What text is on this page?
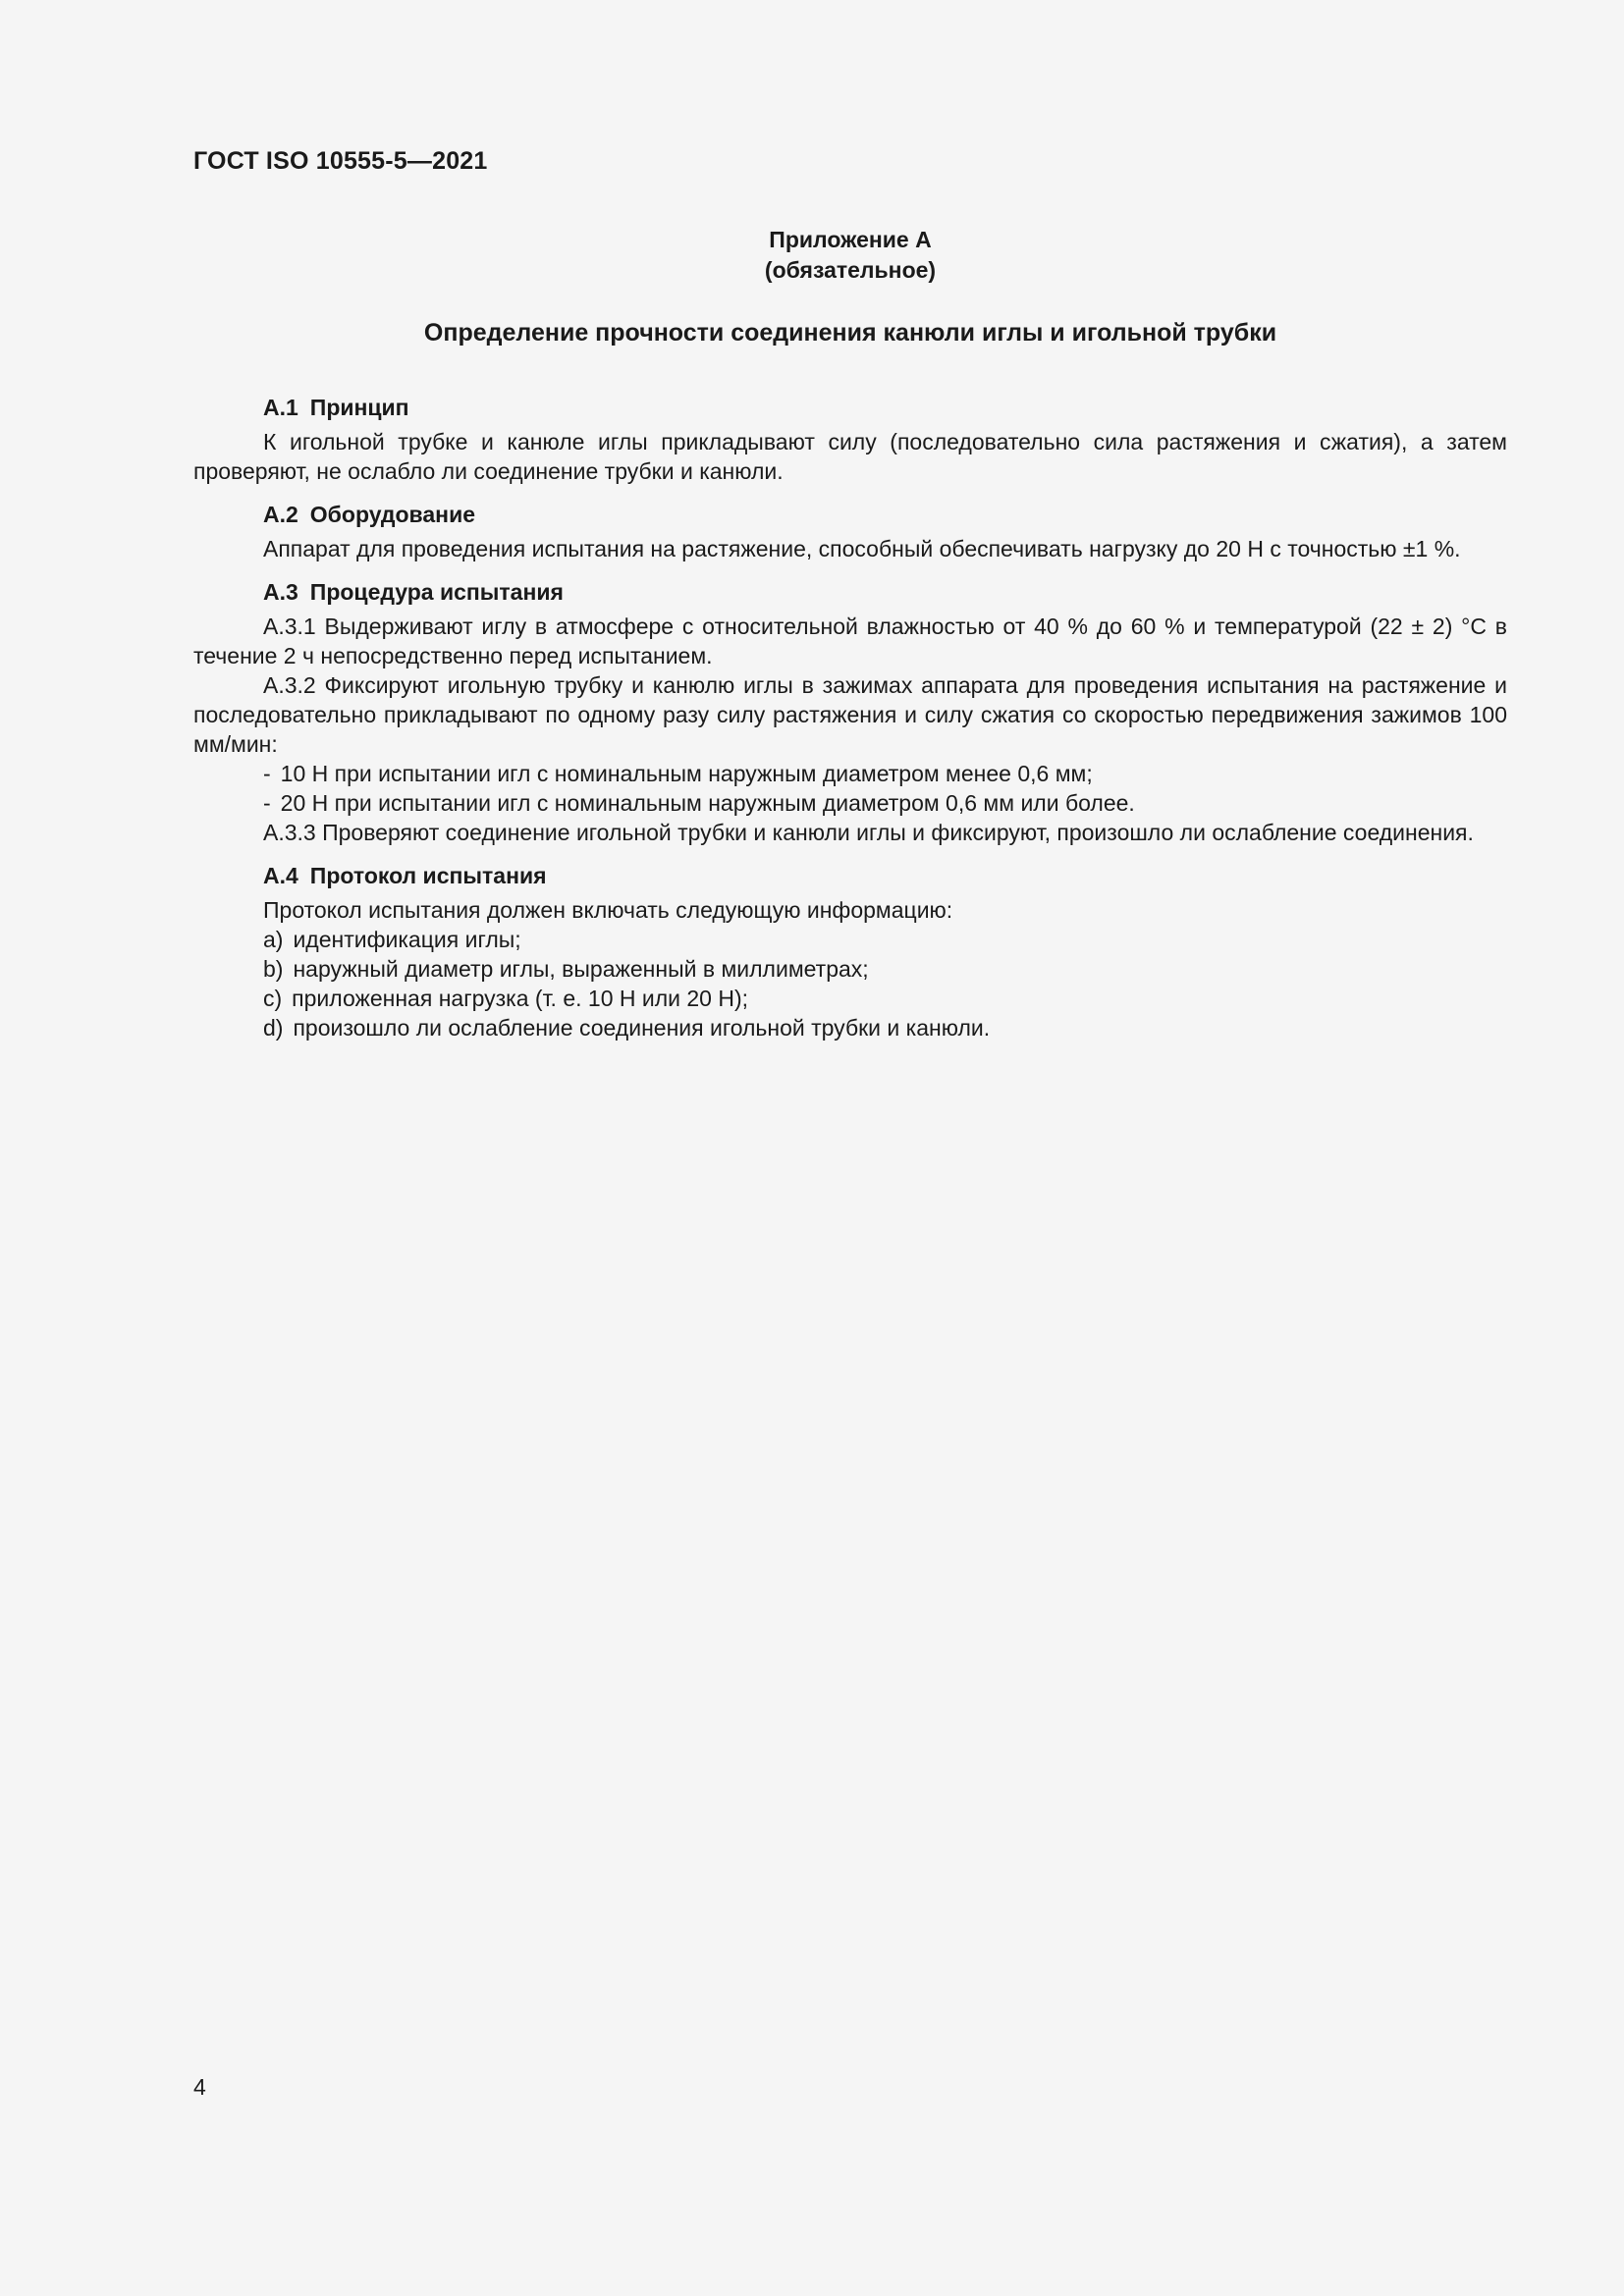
ГОСТ ISO 10555-5—2021
Приложение А
(обязательное)
Определение прочности соединения канюли иглы и игольной трубки

А.1 Принцип

К игольной трубке и канюле иглы прикладывают силу (последовательно сила растяжения и сжатия), а затем проверяют, не ослабло ли соединение трубки и канюли.

А.2 Оборудование

Аппарат для проведения испытания на растяжение, способный обеспечивать нагрузку до 20 Н с точностью ±1 %.

А.3 Процедура испытания

А.3.1 Выдерживают иглу в атмосфере с относительной влажностью от 40 % до 60 % и температурой (22 ± 2) °С в течение 2 ч непосредственно перед испытанием.

А.3.2 Фиксируют игольную трубку и канюлю иглы в зажимах аппарата для проведения испытания на растяжение и последовательно прикладывают по одному разу силу растяжения и силу сжатия со скоростью передвижения зажимов 100 мм/мин:

- 10 Н при испытании игл с номинальным наружным диаметром менее 0,6 мм;

- 20 Н при испытании игл с номинальным наружным диаметром 0,6 мм или более.

А.3.3 Проверяют соединение игольной трубки и канюли иглы и фиксируют, произошло ли ослабление соединения.

А.4 Протокол испытания

Протокол испытания должен включать следующую информацию:

a) идентификация иглы;

b) наружный диаметр иглы, выраженный в миллиметрах;

c) приложенная нагрузка (т. е. 10 Н или 20 Н);

d) произошло ли ослабление соединения игольной трубки и канюли.

4
